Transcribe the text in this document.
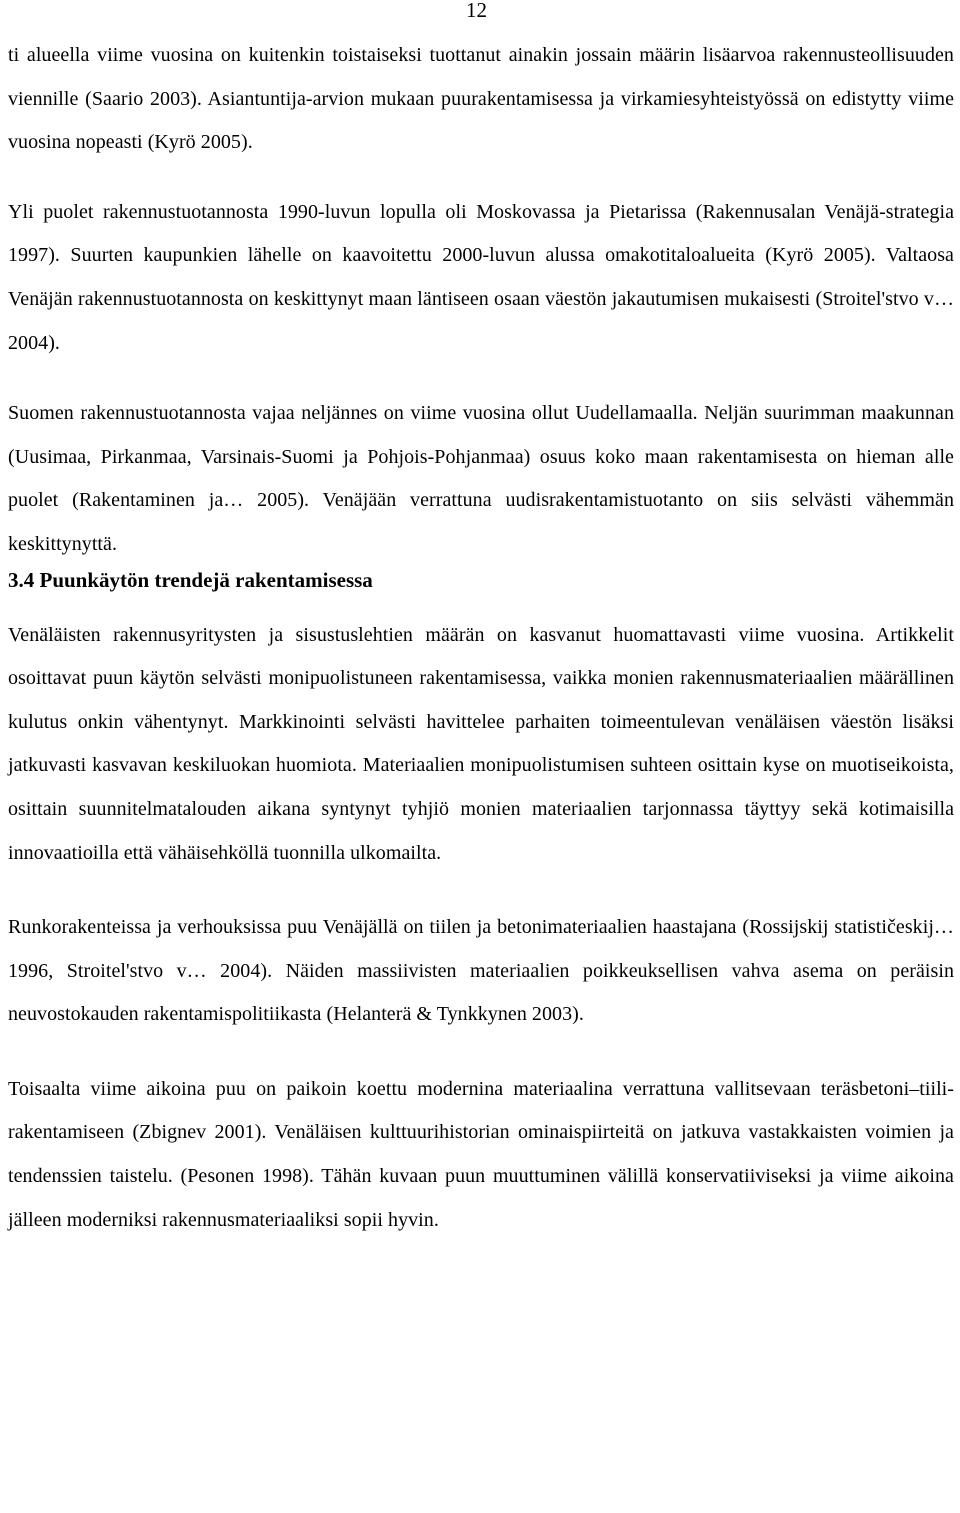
12

ti alueella viime vuosina on kuitenkin toistaiseksi tuottanut ainakin jossain määrin lisäarvoa rakennusteollisuuden viennille (Saario 2003). Asiantuntija-arvion mukaan puurakentamisessa ja virkamiesyhteistyössä on edistytty viime vuosina nopeasti (Kyrö 2005).

Yli puolet rakennustuotannosta 1990-luvun lopulla oli Moskovassa ja Pietarissa (Rakennusalan Venäjä-strategia 1997). Suurten kaupunkien lähelle on kaavoitettu 2000-luvun alussa omakotitaloalueita (Kyrö 2005). Valtaosa Venäjän rakennustuotannosta on keskittynyt maan läntiseen osaan väestön jakautumisen mukaisesti (Stroitel'stvo v… 2004).

Suomen rakennustuotannosta vajaa neljännes on viime vuosina ollut Uudellamaalla. Neljän suurimman maakunnan (Uusimaa, Pirkanmaa, Varsinais-Suomi ja Pohjois-Pohjanmaa) osuus koko maan rakentamisesta on hieman alle puolet (Rakentaminen ja… 2005). Venäjään verrattuna uudisrakentamistuotanto on siis selvästi vähemmän keskittynyttä.

3.4 Puunkäytön trendejä rakentamisessa

Venäläisten rakennusyritysten ja sisustuslehtien määrän on kasvanut huomattavasti viime vuosina. Artikkelit osoittavat puun käytön selvästi monipuolistuneen rakentamisessa, vaikka monien rakennusmateriaalien määrällinen kulutus onkin vähentynyt. Markkinointi selvästi havittelee parhaiten toimeentulevan venäläisen väestön lisäksi jatkuvasti kasvavan keskiluokan huomiota. Materiaalien monipuolistumisen suhteen osittain kyse on muotiseikoista, osittain suunnitelmatalouden aikana syntynyt tyhjiö monien materiaalien tarjonnassa täyttyy sekä kotimaisilla innovaatioilla että vähäisehköllä tuonnilla ulkomailta.

Runkorakenteissa ja verhouksissa puu Venäjällä on tiilen ja betonimateriaalien haastajana (Rossijskij statističeskij… 1996, Stroitel'stvo v… 2004). Näiden massiivisten materiaalien poikkeuksellisen vahva asema on peräisin neuvostokauden rakentamispolitiikasta (Helanterä & Tynkkynen 2003).

Toisaalta viime aikoina puu on paikoin koettu modernina materiaalina verrattuna vallitsevaan teräsbetoni–tiili-rakentamiseen (Zbignev 2001). Venäläisen kulttuurihistorian ominaispiirteitä on jatkuva vastakkaisten voimien ja tendenssien taistelu. (Pesonen 1998). Tähän kuvaan puun muuttuminen välillä konservatiiviseksi ja viime aikoina jälleen moderniksi rakennusmateriaaliksi sopii hyvin.
